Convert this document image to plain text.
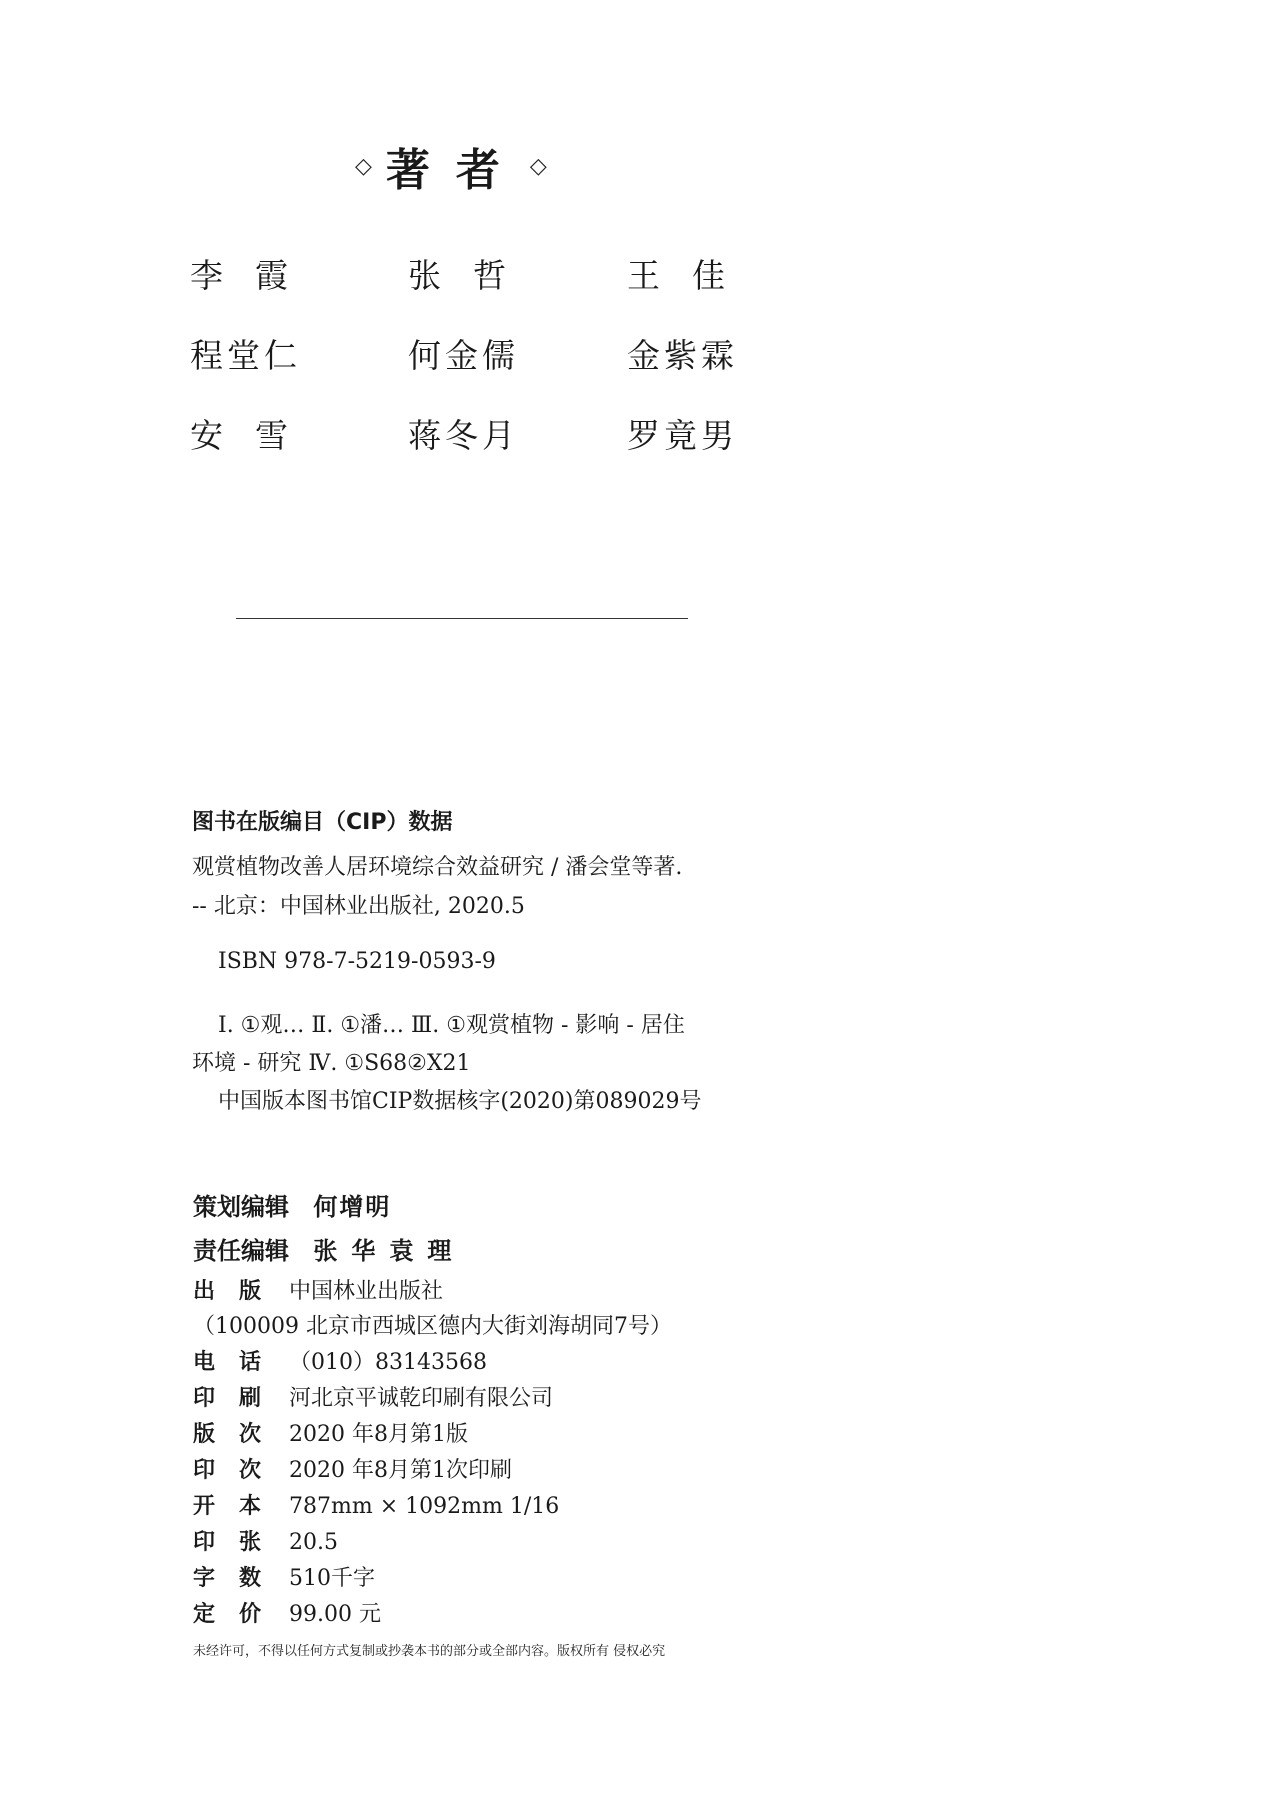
◇ 著者 ◇
李霞	张哲	王佳
程堂仁	何金儒	金紫霖
安雪	蒋冬月	罗竟男
图书在版编目（CIP）数据
观赏植物改善人居环境综合效益研究 / 潘会堂等著.
-- 北京：中国林业出版社, 2020.5
ISBN 978-7-5219-0593-9
Ⅰ. ①观… Ⅱ. ①潘… Ⅲ. ①观赏植物 - 影响 - 居住
环境 - 研究 Ⅳ. ①S68②X21
中国版本图书馆CIP数据核字(2020)第089029号
策划编辑 何增明
责任编辑 张华袁理
出版 中国林业出版社
（100009 北京市西城区德内大街刘海胡同7号）
电话 （010）83143568
印刷 河北京平诚乾印刷有限公司
版次 2020 年8月第1版
印次 2020 年8月第1次印刷
开本 787mm × 1092mm 1/16
印张 20.5
字数 510千字
定价 99.00 元
未经许可，不得以任何方式复制或抄袭本书的部分或全部内容。版权所有 侵权必究
